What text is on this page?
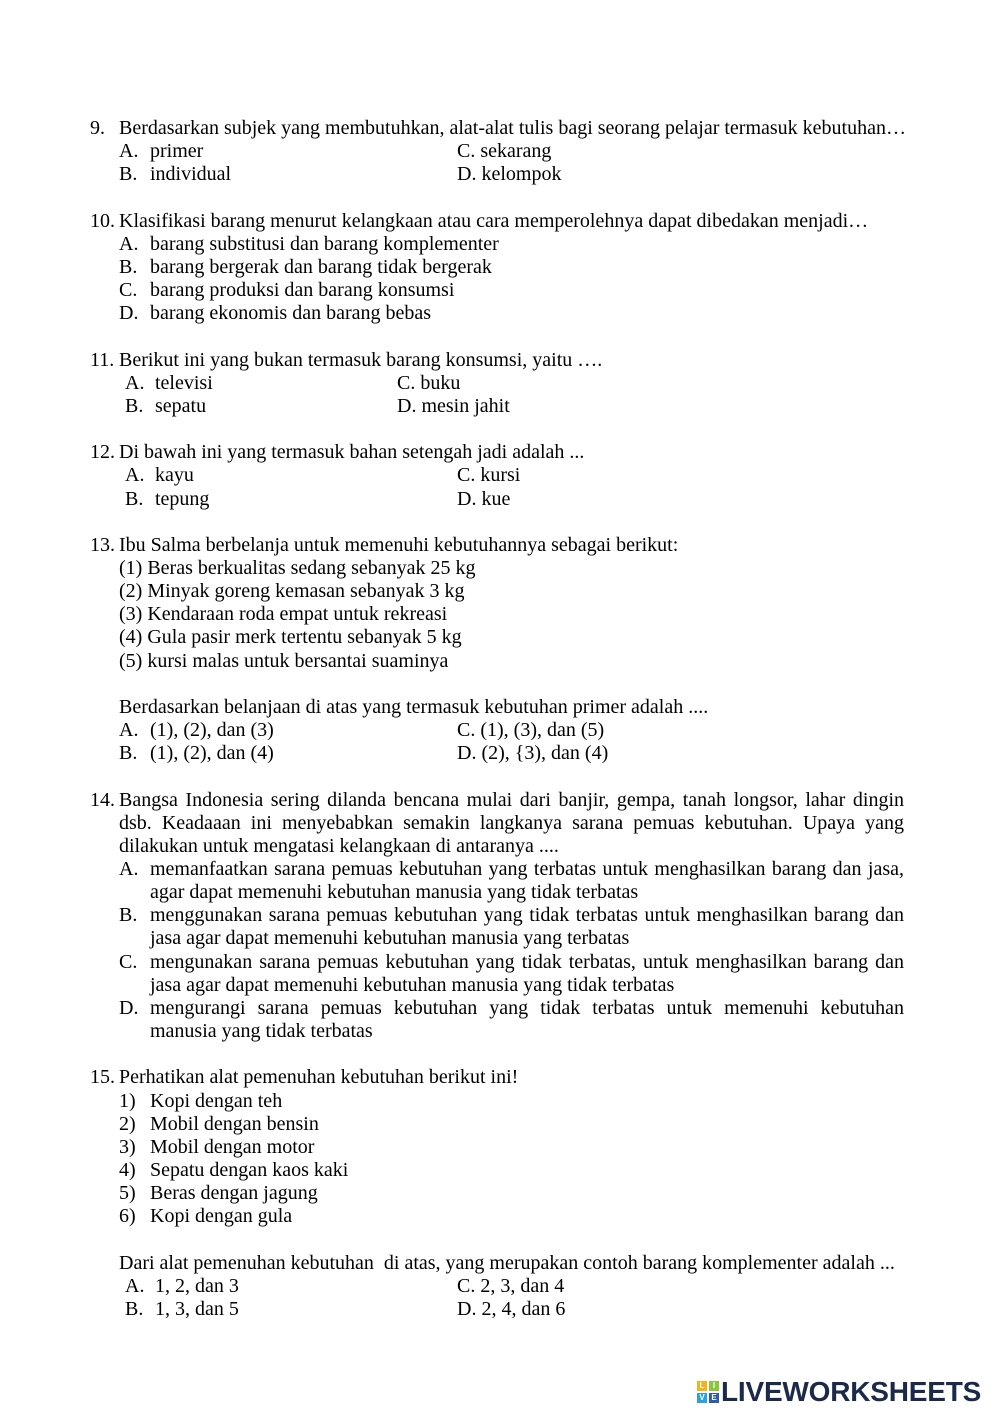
9. Berdasarkan subjek yang membutuhkan, alat-alat tulis bagi seorang pelajar termasuk kebutuhan…
A. primer	C. sekarang
B. individual	D. kelompok
10. Klasifikasi barang menurut kelangkaan atau cara memperolehnya dapat dibedakan menjadi…
A. barang substitusi dan barang komplementer
B. barang bergerak dan barang tidak bergerak
C. barang produksi dan barang konsumsi
D. barang ekonomis dan barang bebas
11. Berikut ini yang bukan termasuk barang konsumsi, yaitu ….
A. televisi	C. buku
B. sepatu	D. mesin jahit
12. Di bawah ini yang termasuk bahan setengah jadi adalah ...
A. kayu	C. kursi
B. tepung	D. kue
13. Ibu Salma berbelanja untuk memenuhi kebutuhannya sebagai berikut:
(1) Beras berkualitas sedang sebanyak 25 kg
(2) Minyak goreng kemasan sebanyak 3 kg
(3) Kendaraan roda empat untuk rekreasi
(4) Gula pasir merk tertentu sebanyak 5 kg
(5) kursi malas untuk bersantai suaminya
Berdasarkan belanjaan di atas yang termasuk kebutuhan primer adalah ....
A. (1), (2), dan (3)	C. (1), (3), dan (5)
B. (1), (2), dan (4)	D. (2), {3), dan (4)
14. Bangsa Indonesia sering dilanda bencana mulai dari banjir, gempa, tanah longsor, lahar dingin dsb. Keadaaan ini menyebabkan semakin langkanya sarana pemuas kebutuhan. Upaya yang dilakukan untuk mengatasi kelangkaan di antaranya ....

A. memanfaatkan sarana pemuas kebutuhan yang terbatas untuk menghasilkan barang dan jasa, agar dapat memenuhi kebutuhan manusia yang tidak terbatas

B. menggunakan sarana pemuas kebutuhan yang tidak terbatas untuk menghasilkan barang dan jasa agar dapat memenuhi kebutuhan manusia yang terbatas

C. mengunakan sarana pemuas kebutuhan yang tidak terbatas, untuk menghasilkan barang dan jasa agar dapat memenuhi kebutuhan manusia yang tidak terbatas

D. mengurangi sarana pemuas kebutuhan yang tidak terbatas untuk memenuhi kebutuhan manusia yang tidak terbatas

15. Perhatikan alat pemenuhan kebutuhan berikut ini!
1) Kopi dengan teh
2) Mobil dengan bensin
3) Mobil dengan motor
4) Sepatu dengan kaos kaki
5) Beras dengan jagung
6) Kopi dengan gula
Dari alat pemenuhan kebutuhan  di atas, yang merupakan contoh barang komplementer adalah ...
A. 1, 2, dan 3	C. 2, 3, dan 4
B. 1, 3, dan 5	D. 2, 4, dan 6
L	I
V E LIVEWORKSHEETS
